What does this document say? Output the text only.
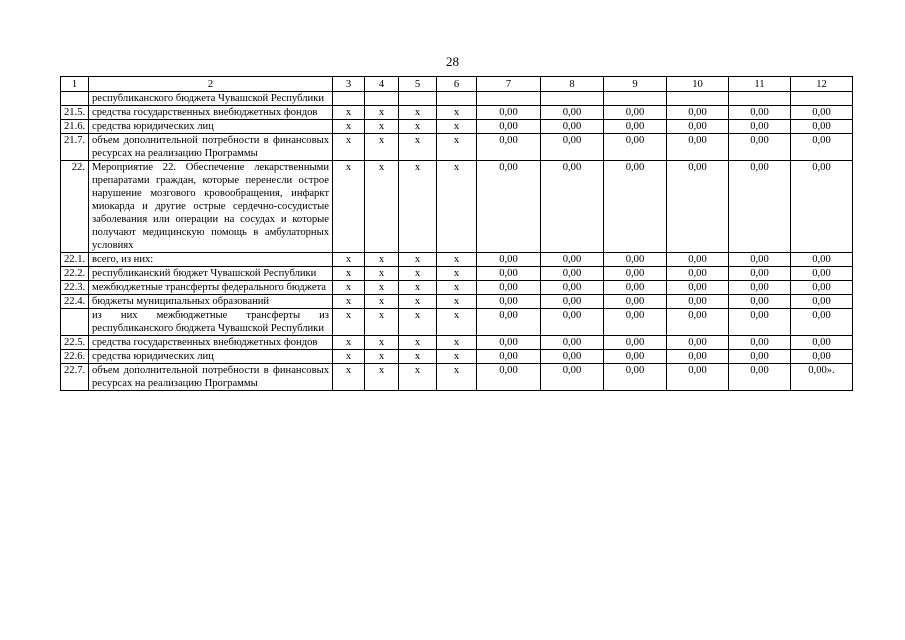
28
1	2	3	4	5	6	7	8	9	10	11	12
	республиканского бюджета Чувашской Республики										
21.5.	средства государственных внебюджетных фондов	x	x	x	x	0,00	0,00	0,00	0,00	0,00	0,00
21.6.	средства юридических лиц	x	x	x	x	0,00	0,00	0,00	0,00	0,00	0,00
21.7.	объем дополнительной потребности в финансовых ресурсах на реализацию Программы	x	x	x	x	0,00	0,00	0,00	0,00	0,00	0,00
22.	Мероприятие 22. Обеспечение лекарственными препаратами граждан, которые перенесли острое нарушение мозгового кровообращения, инфаркт миокарда и другие острые сердечно-сосудистые заболевания или операции на сосудах и которые получают медицинскую помощь в амбулаторных условиях	x	x	x	x	0,00	0,00	0,00	0,00	0,00	0,00
22.1.	всего, из них:	x	x	x	x	0,00	0,00	0,00	0,00	0,00	0,00
22.2.	республиканский бюджет Чувашской Республики	x	x	x	x	0,00	0,00	0,00	0,00	0,00	0,00
22.3.	межбюджетные трансферты федерального бюджета	x	x	x	x	0,00	0,00	0,00	0,00	0,00	0,00
22.4.	бюджеты муниципальных образований	x	x	x	x	0,00	0,00	0,00	0,00	0,00	0,00
	из них межбюджетные трансферты из республиканского бюджета Чувашской Республики	x	x	x	x	0,00	0,00	0,00	0,00	0,00	0,00
22.5.	средства государственных внебюджетных фондов	x	x	x	x	0,00	0,00	0,00	0,00	0,00	0,00
22.6.	средства юридических лиц	x	x	x	x	0,00	0,00	0,00	0,00	0,00	0,00
22.7.	объем дополнительной потребности в финансовых ресурсах на реализацию Программы	x	x	x	x	0,00	0,00	0,00	0,00	0,00	0,00».
